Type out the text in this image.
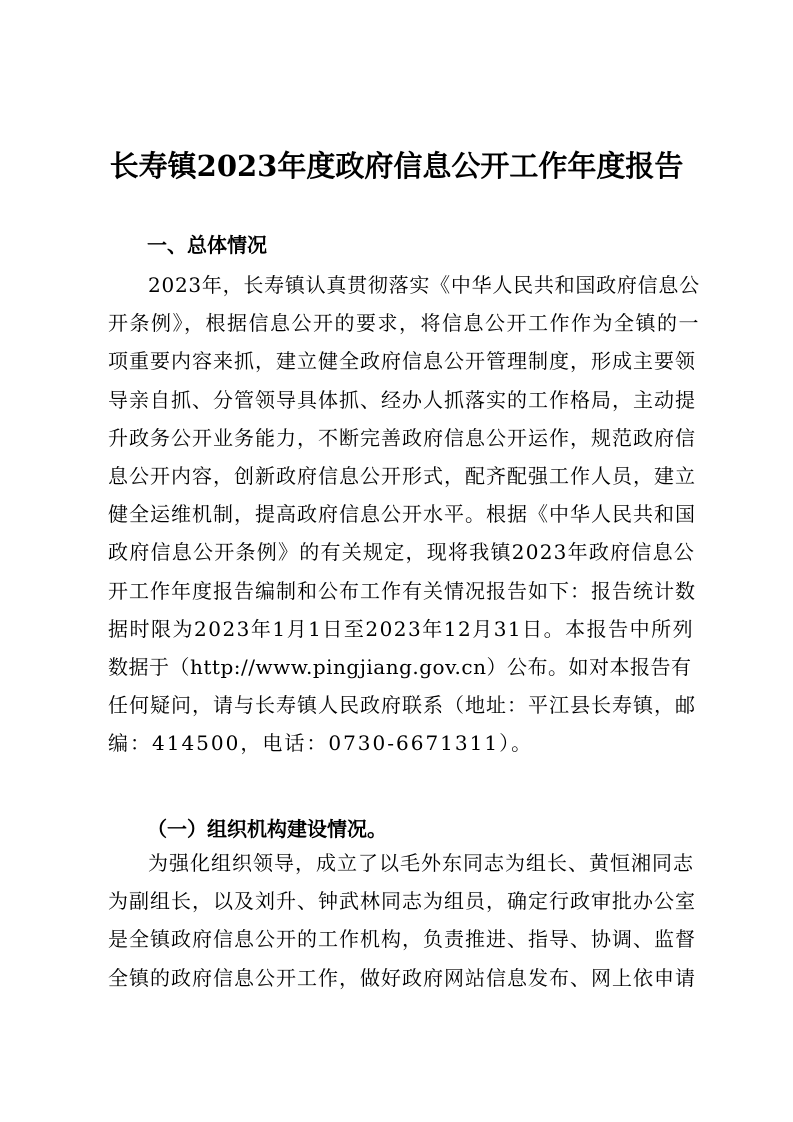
长寿镇2023年度政府信息公开工作年度报告
一、总体情况
2023年，长寿镇认真贯彻落实《中华人民共和国政府信息公
开条例》，根据信息公开的要求，将信息公开工作作为全镇的一
项重要内容来抓，建立健全政府信息公开管理制度，形成主要领
导亲自抓、分管领导具体抓、经办人抓落实的工作格局，主动提
升政务公开业务能力，不断完善政府信息公开运作，规范政府信
息公开内容，创新政府信息公开形式，配齐配强工作人员，建立
健全运维机制，提高政府信息公开水平。根据《中华人民共和国
政府信息公开条例》的有关规定，现将我镇2023年政府信息公
开工作年度报告编制和公布工作有关情况报告如下：报告统计数
据时限为2023年1月1日至2023年12月31日。本报告中所列
数据于（http://www.pingjiang.gov.cn）公布。如对本报告有
任何疑问，请与长寿镇人民政府联系（地址：平江县长寿镇，邮
编：414500，电话：0730-6671311）。
（一）组织机构建设情况。
为强化组织领导，成立了以毛外东同志为组长、黄恒湘同志
为副组长，以及刘升、钟武林同志为组员，确定行政审批办公室
是全镇政府信息公开的工作机构，负责推进、指导、协调、监督
全镇的政府信息公开工作，做好政府网站信息发布、网上依申请
